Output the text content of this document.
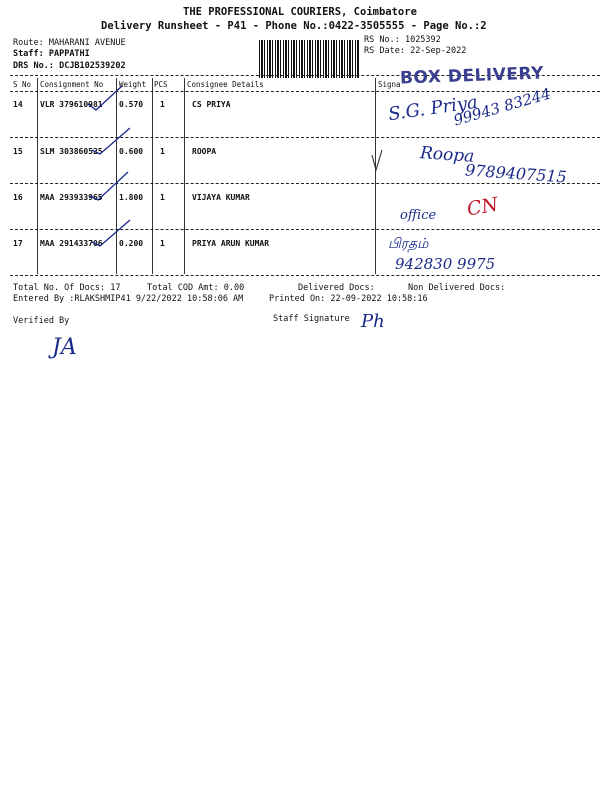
THE PROFESSIONAL COURIERS, Coimbatore
Delivery Runsheet - P41 - Phone No.:0422-3505555 - Page No.:2
Route: MAHARANI AVENUE
Staff: PAPPATHI
DRS No.: DCJB102539202
RS No.: 1025392
RS Date: 22-Sep-2022
S No Consignment No Weight PCS	Consignee Details	Signa BOX DELIVERY
14 VLR 379610981 0.570 1	CS PRIYA	S.G. Priya
99943 83244
15 SLM 303860525 0.600 1	ROOPA	Roopa
9789407515
16 MAA 293933965 1.800 1	VIJAYA KUMAR
office CN
17 MAA 291433706 0.200 1	PRIYA ARUN KUMAR	பிரதம்
942830 9975
Total No. Of Docs: 17	Total COD Amt: 0.00	Delivered Docs:	Non Delivered Docs:
Entered By :RLAKSHMIP41 9/22/2022 10:58:06 AM	Printed On: 22-09-2022 10:58:16
Verified By	Staff Signature
JA
Ph
